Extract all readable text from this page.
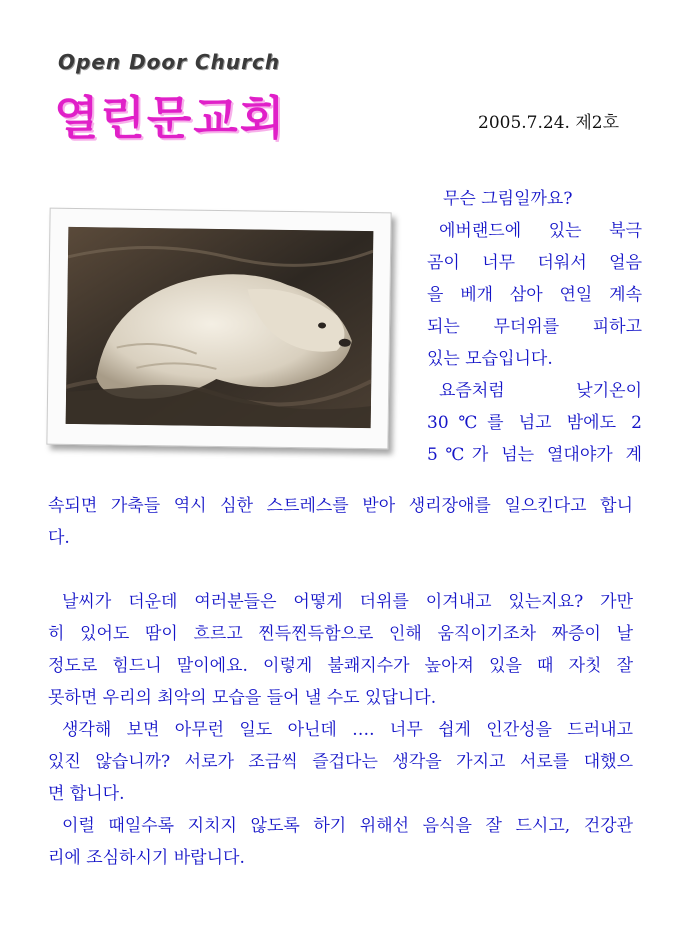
Open Door Church
열린문교회	2005.7.24. 제2호
무슨 그림일까요?
에버랜드에 있는 북극
곰이 너무 더워서 얼음
을 베개 삼아 연일 계속
되는 무더위를 피하고
있는 모습입니다.
요즘처럼 낮기온이
30℃를 넘고 밤에도 2
5℃가 넘는 열대야가 계
속되면 가축들 역시 심한 스트레스를 받아 생리장애를 일으킨다고 합니
다.
날씨가 더운데 여러분들은 어떻게 더위를 이겨내고 있는지요? 가만
히 있어도 땀이 흐르고 찐득찐득함으로 인해 움직이기조차 짜증이 날
정도로 힘드니 말이에요. 이렇게 불쾌지수가 높아져 있을 때 자칫 잘
못하면 우리의 최악의 모습을 들어 낼 수도 있답니다.
생각해 보면 아무런 일도 아닌데 …. 너무 쉽게 인간성을 드러내고
있진 않습니까? 서로가 조금씩 즐겁다는 생각을 가지고 서로를 대했으
면 합니다.
이럴 때일수록 지치지 않도록 하기 위해선 음식을 잘 드시고, 건강관
리에 조심하시기 바랍니다.
